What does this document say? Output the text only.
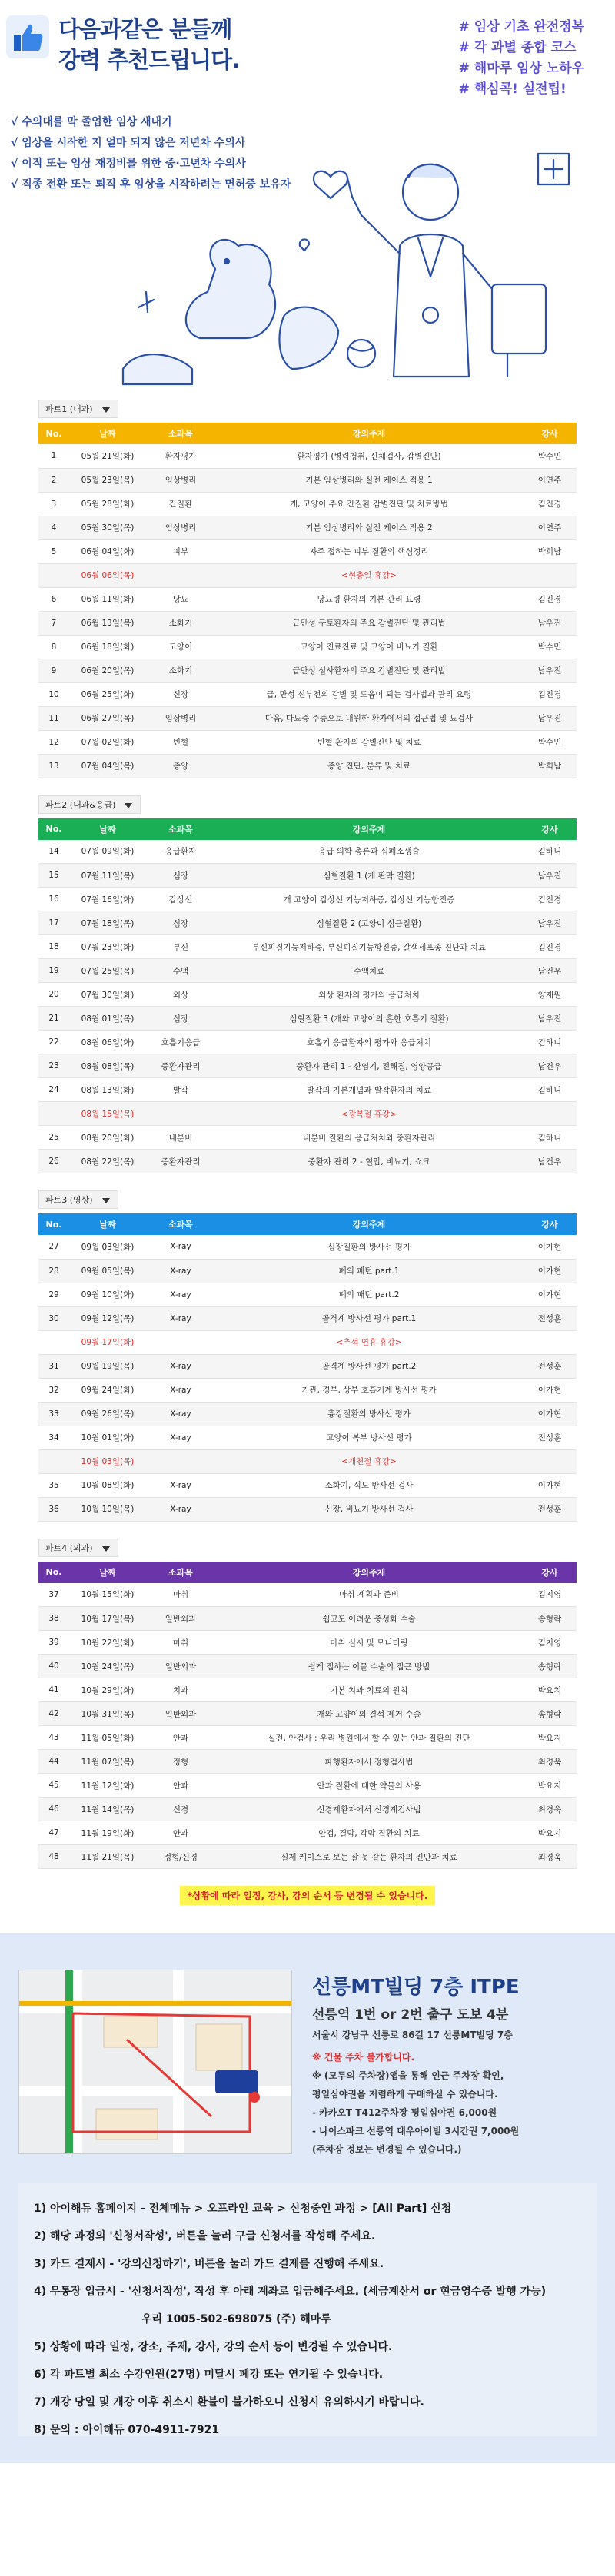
다음과같은 분들께
강력 추천드립니다.
# 임상 기초 완전정복
# 각 과별 종합 코스
# 해마루 임상 노하우
# 핵심콕! 실전팁!
√ 수의대를 막 졸업한 임상 새내기
√ 임상을 시작한 지 얼마 되지 않은 저년차 수의사
√ 이직 또는 임상 재정비를 위한 중·고년차 수의사
√ 직종 전환 또는 퇴직 후 임상을 시작하려는 면허증 보유자
파트1 (내과)
No.	날짜	소과목	강의주제	강사
1	05월 21일(화)	환자평가	환자평가 (병력청취, 신체검사, 감별진단)	박수민
2	05월 23일(목)	임상병리	기본 임상병리와 실전 케이스 적용 1	이연주
3	05월 28일(화)	간질환	개, 고양이 주요 간질환 감별진단 및 치료방법	김진경
4	05월 30일(목)	임상병리	기본 임상병리와 실전 케이스 적용 2	이연주
5	06월 04일(화)	피부	자주 접하는 피부 질환의 핵심정리	박희남
	06월 06일(목)		<현충일 휴강>	
6	06월 11일(화)	당뇨	당뇨병 환자의 기본 관리 요령	김진경
7	06월 13일(목)	소화기	급만성 구토환자의 주요 감별진단 및 관리법	남우진
8	06월 18일(화)	고양이	고양이 진료진료 및 고양이 비뇨기 질환	박수민
9	06월 20일(목)	소화기	급만성 설사환자의 주요 감별진단 및 관리법	남우진
10	06월 25일(화)	신장	급, 만성 신부전의 감별 및 도움이 되는 검사법과 관리 요령	김진경
11	06월 27일(목)	임상병리	다음, 다뇨증 주증으로 내원한 환자에서의 접근법 및 뇨검사	남우진
12	07월 02일(화)	빈혈	빈혈 환자의 감별진단 및 치료	박수민
13	07월 04일(목)	종양	종양 진단, 분류 및 치료	박희남
파트2 (내과&응급)
No.	날짜	소과목	강의주제	강사
14	07월 09일(화)	응급환자	응급 의학 총론과 심폐소생술	김하니
15	07월 11일(목)	심장	심혈질환 1 (개 판막 질환)	남우진
16	07월 16일(화)	갑상선	개 고양이 갑상선 기능저하증, 갑상선 기능항진증	김진경
17	07월 18일(목)	심장	심혈질환 2 (고양이 심근질환)	남우진
18	07월 23일(화)	부신	부신피질기능저하증, 부신피질기능항진증, 갈색세포종 진단과 치료	김진경
19	07월 25일(목)	수액	수액치료	남건우
20	07월 30일(화)	외상	외상 환자의 평가와 응급처치	양재원
21	08월 01일(목)	심장	심혈질환 3 (개와 고양이의 흔한 호흡기 질환)	남우진
22	08월 06일(화)	호흡기응급	호흡기 응급환자의 평가와 응급처치	김하니
23	08월 08일(목)	중환자관리	중환자 관리 1 - 산염기, 전해질, 영양공급	남건우
24	08월 13일(화)	발작	발작의 기본개념과 발작환자의 치료	김하니
	08월 15일(목)		<광복절 휴강>	
25	08월 20일(화)	내분비	내분비 질환의 응급처치와 중환자관리	김하니
26	08월 22일(목)	중환자관리	중환자 관리 2 - 혈압, 비뇨기, 쇼크	남건우
파트3 (영상)
No.	날짜	소과목	강의주제	강사
27	09월 03일(화)	X-ray	심장질환의 방사선 평가	이가현
28	09월 05일(목)	X-ray	폐의 패턴 part.1	이가현
29	09월 10일(화)	X-ray	폐의 패턴 part.2	이가현
30	09월 12일(목)	X-ray	골격계 방사선 평가 part.1	전성훈
	09월 17일(화)		<추석 연휴 휴강>	
31	09월 19일(목)	X-ray	골격계 방사선 평가 part.2	전성훈
32	09월 24일(화)	X-ray	기관, 경부, 상부 호흡기계 방사선 평가	이가현
33	09월 26일(목)	X-ray	흉강질환의 방사선 평가	이가현
34	10월 01일(화)	X-ray	고양이 복부 방사선 평가	전성훈
	10월 03일(목)		<개천절 휴강>	
35	10월 08일(화)	X-ray	소화기, 식도 방사선 검사	이가현
36	10월 10일(목)	X-ray	신장, 비뇨기 방사선 검사	전성훈
파트4 (외과)
No.	날짜	소과목	강의주제	강사
37	10월 15일(화)	마취	마취 계획과 준비	김지영
38	10월 17일(목)	일반외과	쉽고도 어려운 중성화 수술	송형락
39	10월 22일(화)	마취	마취 실시 및 모니터링	김지영
40	10월 24일(목)	일반외과	쉽게 접하는 이물 수술의 접근 방법	송형락
41	10월 29일(화)	치과	기본 치과 치료의 원칙	박요치
42	10월 31일(목)	일반외과	개와 고양이의 결석 제거 수술	송형락
43	11월 05일(화)	안과	실전, 안검사 : 우리 병원에서 할 수 있는 안과 질환의 진단	박요지
44	11월 07일(목)	정형	파행환자에서 정형검사법	최경욱
45	11월 12일(화)	안과	안과 질환에 대한 약물의 사용	박요지
46	11월 14일(목)	신경	신경계환자에서 신경계검사법	최경욱
47	11월 19일(화)	안과	안검, 결막, 각막 질환의 치료	박요지
48	11월 21일(목)	정형/신경	실제 케이스로 보는 잘 못 같는 환자의 진단과 치료	최경욱
*상황에 따라 일정, 강사, 강의 순서 등 변경될 수 있습니다.
선릉MT빌딩 7층 ITPE
선릉역 1번 or 2번 출구 도보 4분
서울시 강남구 선릉로 86길 17 선릉MT빌딩 7층
※ 건물 주차 불가합니다.
※ (모두의 주차장)앱을 통해 인근 주차장 확인,
평일심야권을 저렴하게 구매하실 수 있습니다.
- 카카오T T412주차장 평일심야권 6,000원
- 나이스파크 선릉역 대우아이빌 3시간권 7,000원
(주차장 정보는 변경될 수 있습니다.)
1) 아이해듀 홈페이지 - 전체메뉴 > 오프라인 교육 > 신청중인 과정 > [All Part] 신청
2) 해당 과정의 '신청서작성', 버튼을 눌러 구글 신청서를 작성해 주세요.
3) 카드 결제시 - '강의신청하기', 버튼을 눌러 카드 결제를 진행해 주세요.
4) 무통장 입금시 - '신청서작성', 작성 후 아래 계좌로 입금해주세요. (세금계산서 or 현금영수증 발행 가능)
우리 1005-502-698075 (주) 해마루
5) 상황에 따라 일정, 장소, 주제, 강사, 강의 순서 등이 변경될 수 있습니다.
6) 각 파트별 최소 수강인원(27명) 미달시 폐강 또는 연기될 수 있습니다.
7) 개강 당일 및 개강 이후 취소시 환불이 불가하오니 신청시 유의하시기 바랍니다.
8) 문의 : 아이해듀 070-4911-7921
